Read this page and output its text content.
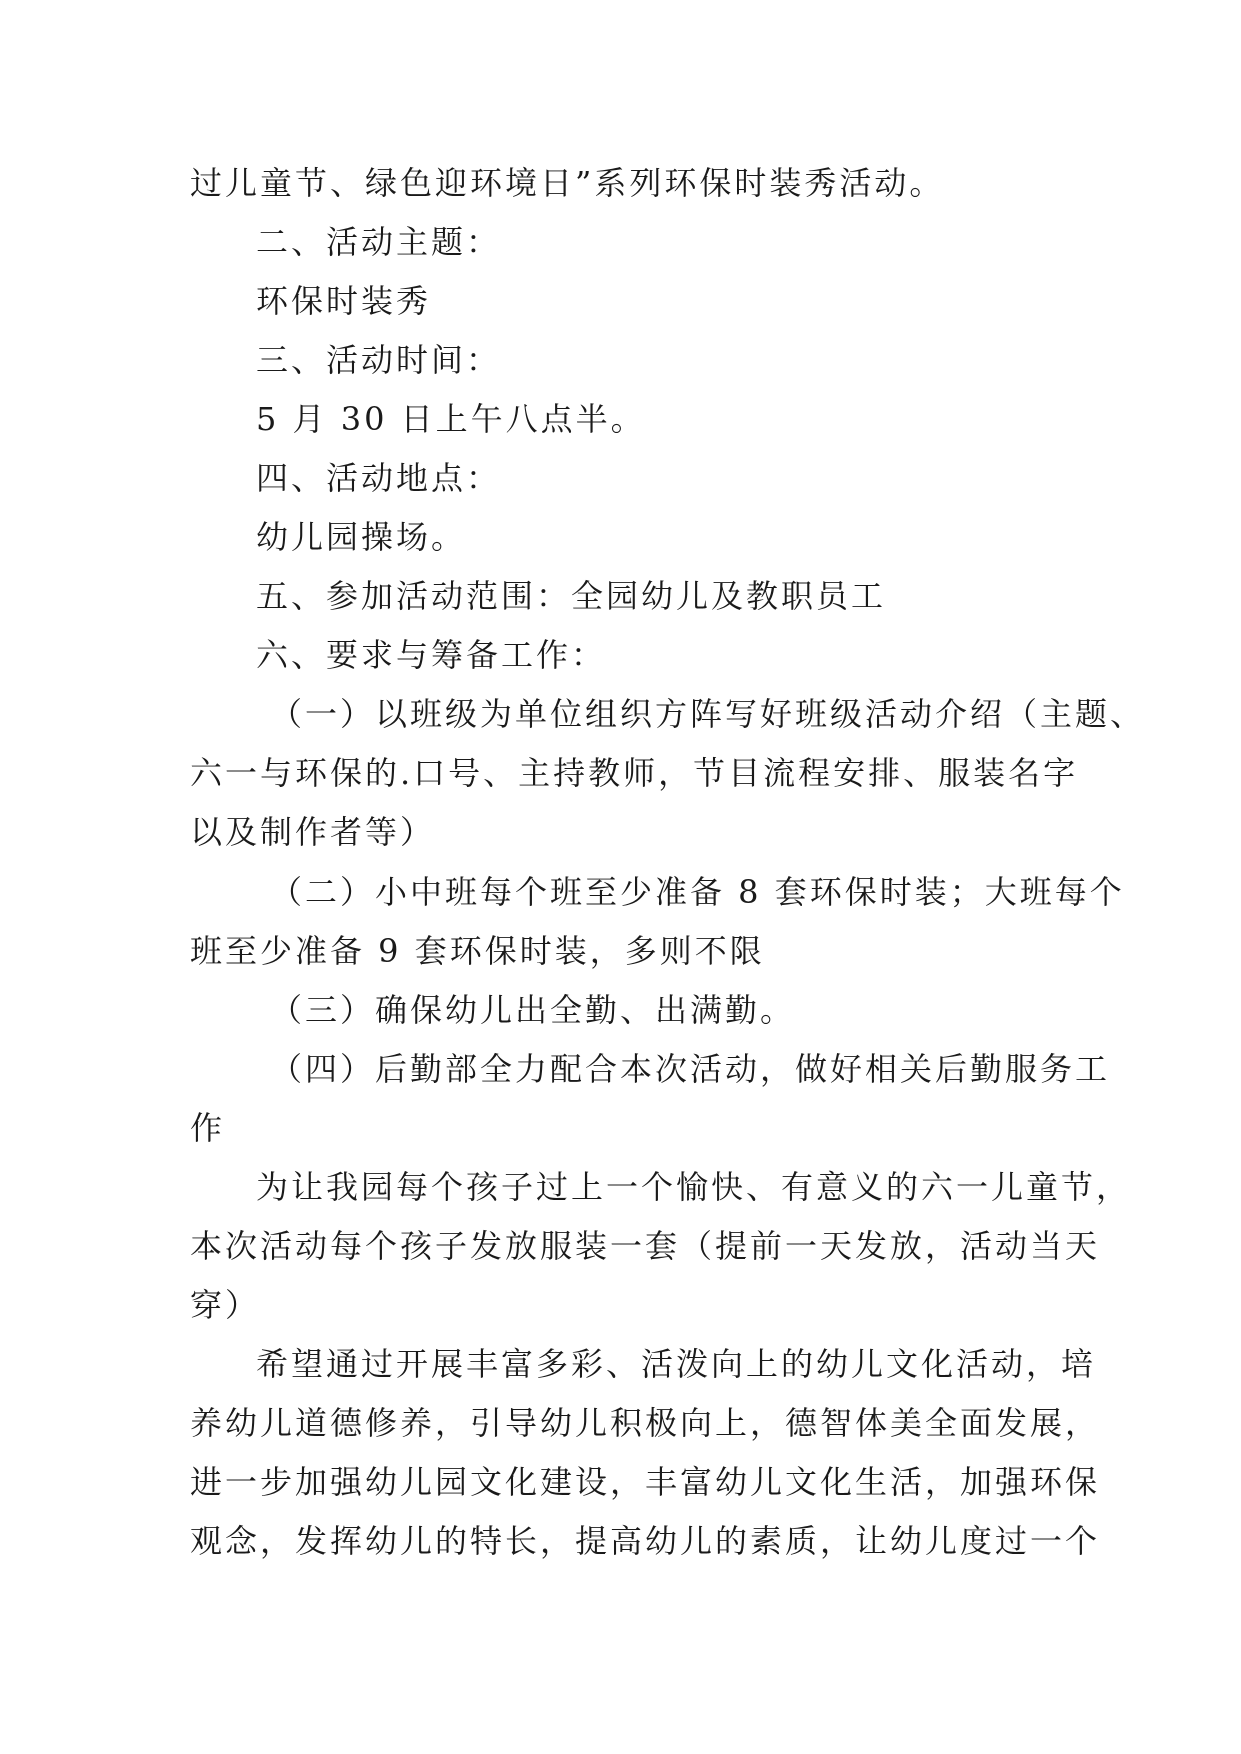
过儿童节、绿色迎环境日”系列环保时装秀活动。
二、活动主题：
环保时装秀
三、活动时间：
5 月 30 日上午八点半。
四、活动地点：
幼儿园操场。
五、参加活动范围：全园幼儿及教职员工
六、要求与筹备工作：
（一）以班级为单位组织方阵写好班级活动介绍（主题、
六一与环保的.口号、主持教师，节目流程安排、服装名字
以及制作者等）
（二）小中班每个班至少准备 8 套环保时装；大班每个
班至少准备 9 套环保时装，多则不限
（三）确保幼儿出全勤、出满勤。
（四）后勤部全力配合本次活动，做好相关后勤服务工
作
为让我园每个孩子过上一个愉快、有意义的六一儿童节，
本次活动每个孩子发放服装一套（提前一天发放，活动当天
穿）
希望通过开展丰富多彩、活泼向上的幼儿文化活动，培
养幼儿道德修养，引导幼儿积极向上，德智体美全面发展，
进一步加强幼儿园文化建设，丰富幼儿文化生活，加强环保
观念，发挥幼儿的特长，提高幼儿的素质，让幼儿度过一个
